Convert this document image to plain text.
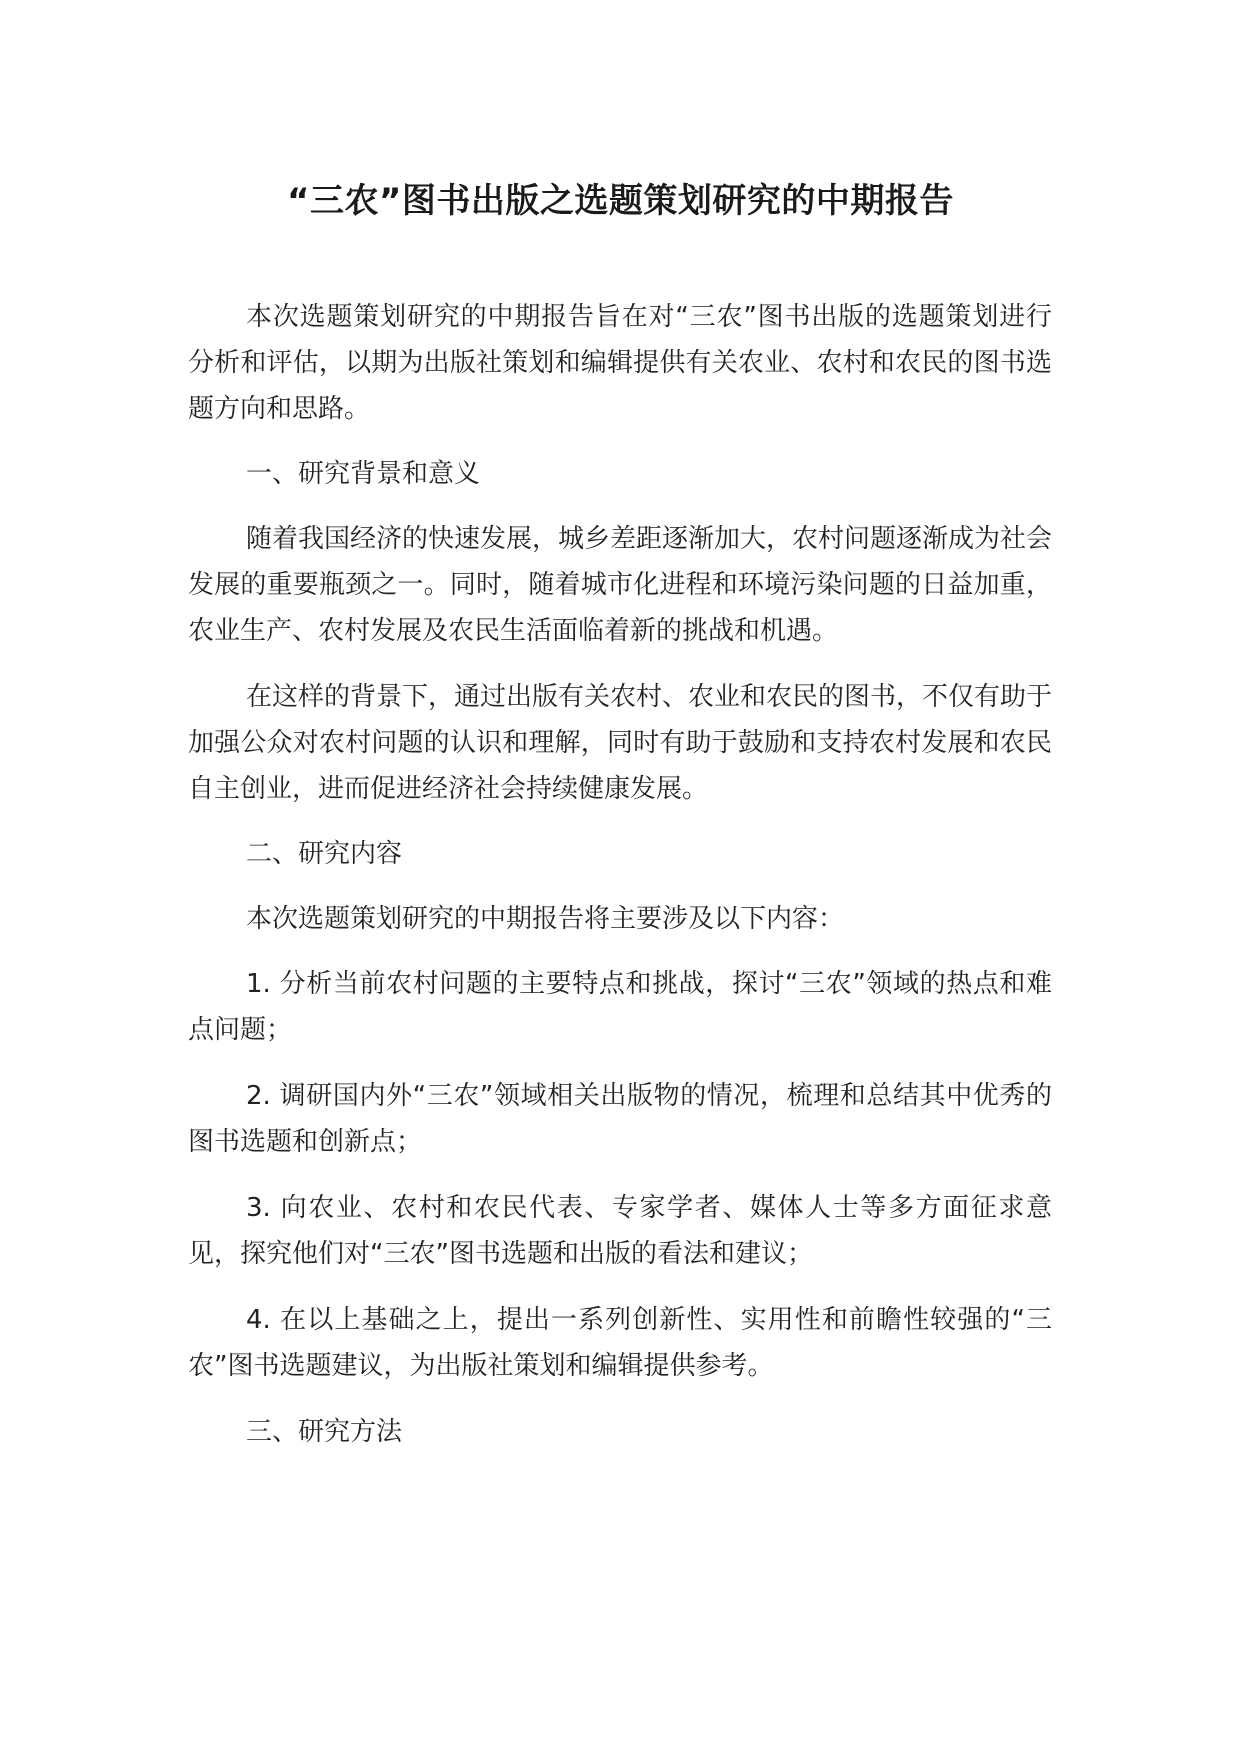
“三农”图书出版之选题策划研究的中期报告

本次选题策划研究的中期报告旨在对“三农”图书出版的选题策划进行分析和评估，以期为出版社策划和编辑提供有关农业、农村和农民的图书选题方向和思路。

一、研究背景和意义

随着我国经济的快速发展，城乡差距逐渐加大，农村问题逐渐成为社会发展的重要瓶颈之一。同时，随着城市化进程和环境污染问题的日益加重，农业生产、农村发展及农民生活面临着新的挑战和机遇。

在这样的背景下，通过出版有关农村、农业和农民的图书，不仅有助于加强公众对农村问题的认识和理解，同时有助于鼓励和支持农村发展和农民自主创业，进而促进经济社会持续健康发展。

二、研究内容

本次选题策划研究的中期报告将主要涉及以下内容：

1. 分析当前农村问题的主要特点和挑战，探讨“三农”领域的热点和难点问题；

2. 调研国内外“三农”领域相关出版物的情况，梳理和总结其中优秀的图书选题和创新点；

3. 向农业、农村和农民代表、专家学者、媒体人士等多方面征求意见，探究他们对“三农”图书选题和出版的看法和建议；

4. 在以上基础之上，提出一系列创新性、实用性和前瞻性较强的“三农”图书选题建议，为出版社策划和编辑提供参考。

三、研究方法
